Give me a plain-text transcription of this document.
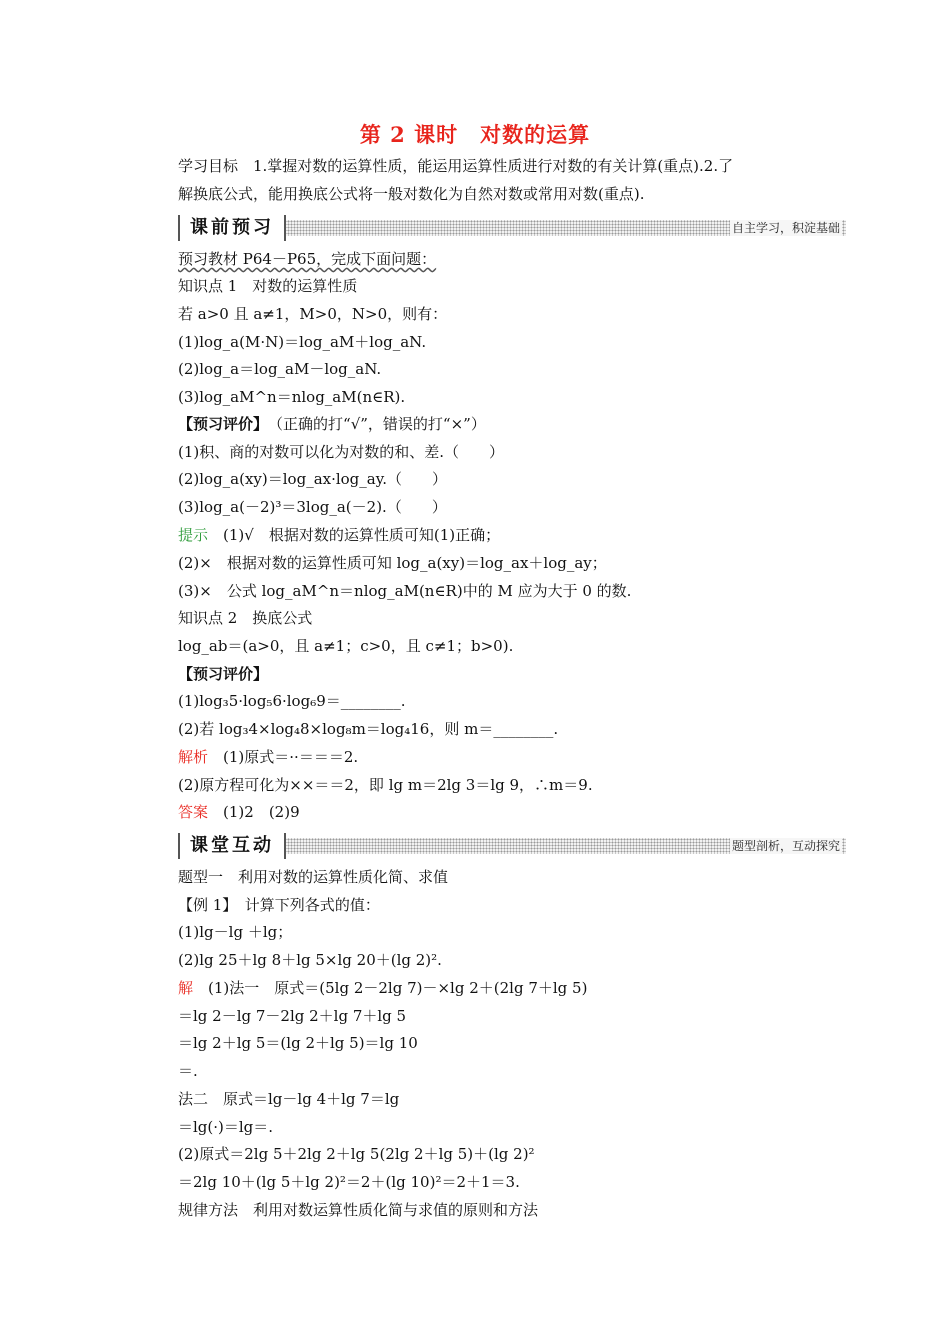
第 2 课时 对数的运算
学习目标　1.掌握对数的运算性质，能运用运算性质进行对数的有关计算(重点).2.了
解换底公式，能用换底公式将一般对数化为自然对数或常用对数(重点).
课前预习	自主学习，积淀基础
预习教材 P64－P65，完成下面问题：
知识点 1　对数的运算性质
若 a>0 且 a≠1，M>0，N>0，则有：
(1)log_a(M·N)＝log_aM＋log_aN.
(2)log_a＝log_aM－log_aN.
(3)log_aM^n＝nlog_aM(n∈R).
【预习评价】　 （正确的打“√”，错误的打“×”）
(1)积、商的对数可以化为对数的和、差.（　　）
(2)log_a(xy)＝log_ax·log_ay.（　　）
(3)log_a(－2)³＝3log_a(－2).（　　）
提示　 (1)√　根据对数的运算性质可知(1)正确；
(2)×　根据对数的运算性质可知 log_a(xy)＝log_ax＋log_ay；
(3)×　公式 log_aM^n＝nlog_aM(n∈R)中的 M 应为大于 0 的数.
知识点 2　换底公式
log_ab＝(a>0，且 a≠1；c>0，且 c≠1；b>0).
【预习评价】
(1)log₃5·log₅6·log₆9＝________.
(2)若 log₃4×log₄8×log₈m＝log₄16，则 m＝________.
解析　 (1)原式＝··＝＝＝2.
(2)原方程可化为××＝＝2，即 lg m＝2lg 3＝lg 9，∴m＝9.
答案　 (1)2　(2)9
课堂互动	题型剖析，互动探究
题型一　利用对数的运算性质化简、求值
【例 1】　计算下列各式的值：
(1)lg－lg ＋lg；
(2)lg 25＋lg 8＋lg 5×lg 20＋(lg 2)².
解　 (1)法一　原式＝(5lg 2－2lg 7)－×lg 2＋(2lg 7＋lg 5)
＝lg 2－lg 7－2lg 2＋lg 7＋lg 5
＝lg 2＋lg 5＝(lg 2＋lg 5)＝lg 10
＝.
法二　原式＝lg－lg 4＋lg 7＝lg
＝lg(·)＝lg＝.
(2)原式＝2lg 5＋2lg 2＋lg 5(2lg 2＋lg 5)＋(lg 2)²
＝2lg 10＋(lg 5＋lg 2)²＝2＋(lg 10)²＝2＋1＝3.
规律方法　利用对数运算性质化简与求值的原则和方法
